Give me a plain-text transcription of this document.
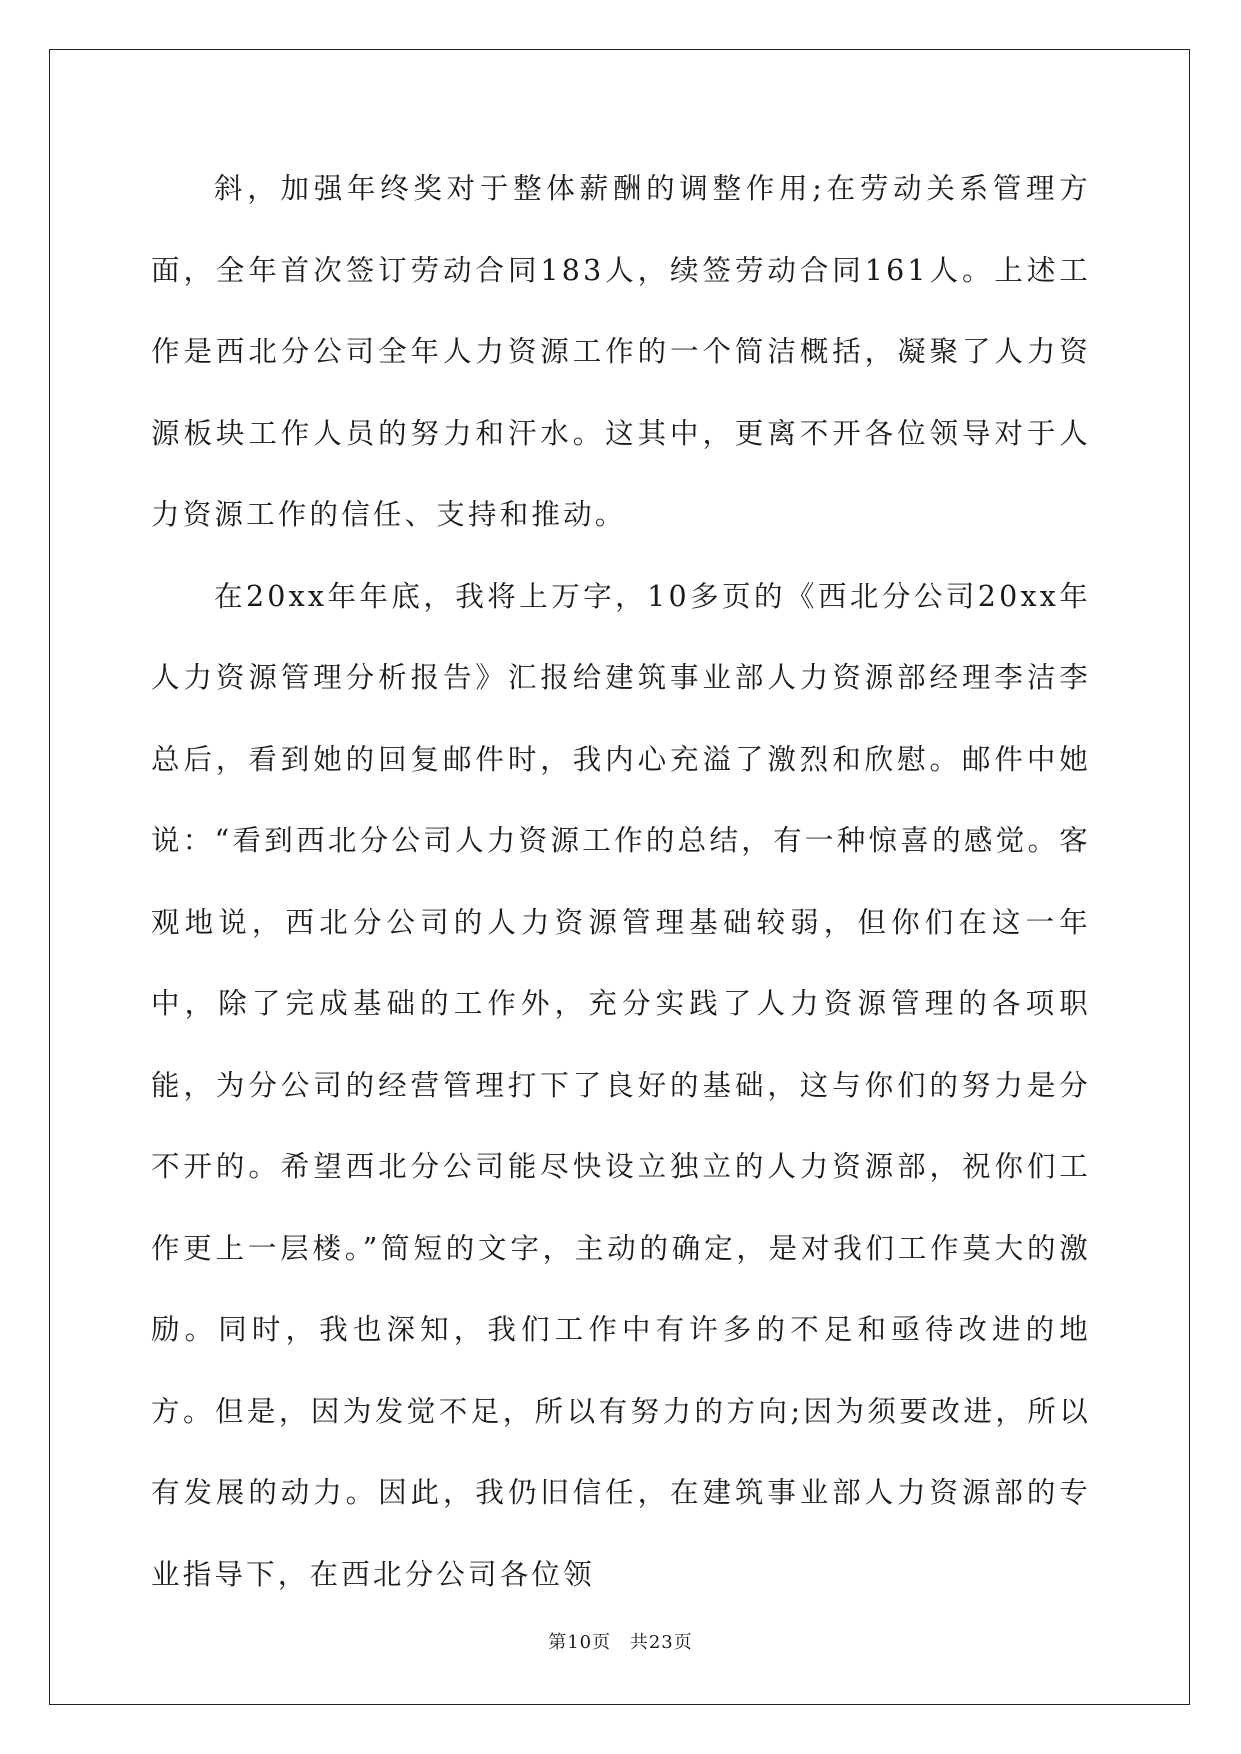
斜，加强年终奖对于整体薪酬的调整作用;在劳动关系管理方面，全年首次签订劳动合同183人，续签劳动合同161人。上述工作是西北分公司全年人力资源工作的一个简洁概括，凝聚了人力资源板块工作人员的努力和汗水。这其中，更离不开各位领导对于人力资源工作的信任、支持和推动。

在20xx年年底，我将上万字，10多页的《西北分公司20xx年人力资源管理分析报告》汇报给建筑事业部人力资源部经理李洁李总后，看到她的回复邮件时，我内心充溢了激烈和欣慰。邮件中她说：“看到西北分公司人力资源工作的总结，有一种惊喜的感觉。客观地说，西北分公司的人力资源管理基础较弱，但你们在这一年中，除了完成基础的工作外，充分实践了人力资源管理的各项职能，为分公司的经营管理打下了良好的基础，这与你们的努力是分不开的。希望西北分公司能尽快设立独立的人力资源部，祝你们工作更上一层楼。”简短的文字，主动的确定，是对我们工作莫大的激励。同时，我也深知，我们工作中有许多的不足和亟待改进的地方。但是，因为发觉不足，所以有努力的方向;因为须要改进，所以有发展的动力。因此，我仍旧信任，在建筑事业部人力资源部的专业指导下，在西北分公司各位领

第10页 共23页
